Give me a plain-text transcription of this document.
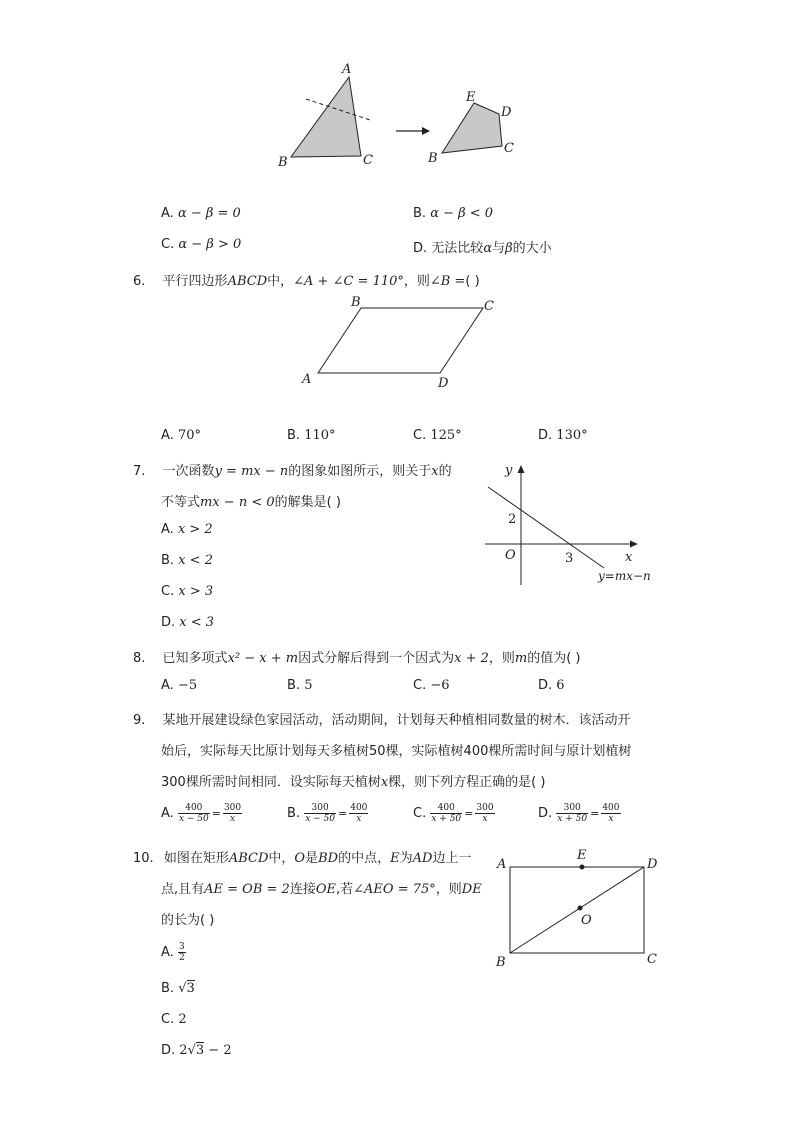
A
B	C
E
D
B
C
A. α − β = 0	B. α − β < 0
C. α − β > 0	D. 无法比较α与β的大小
6. 平行四边形ABCD中，∠A + ∠C = 110°，则∠B =( )
A
B	C
D
A. 70°	B. 110°	C. 125°	D. 130°
7. 一次函数y = mx − n的图象如图所示，则关于x的
不等式mx − n < 0的解集是( )
A. x > 2
B. x < 2
C. x > 3
D. x < 3
y
x
O
2
3
y=mx−n
8. 已知多项式x² − x + m因式分解后得到一个因式为x + 2，则m的值为( )
A. −5	B. 5	C. −6	D. 6
9. 某地开展建设绿色家园活动，活动期间，计划每天种植相同数量的树木．该活动开
始后，实际每天比原计划每天多植树50棵，实际植树400棵所需时间与原计划植树
300棵所需时间相同．设实际每天植树x棵，则下列方程正确的是( )
A. $\frac{400}{x - 50} = \frac{300}{x}$	B. $\frac{300}{x - 50} = \frac{400}{x}$	C. $\frac{400}{x + 50} = \frac{300}{x}$	D. $\frac{300}{x + 50} = \frac{400}{x}$
10. 如图在矩形ABCD中，O是BD的中点，E为AD边上一
点,且有AE = OB = 2连接OE,若∠AEO = 75°，则DE
的长为( )
A. $\frac{3}{2}$
B. √3
C. 2
D. 2√3 − 2
A
E
D
O
B	C
